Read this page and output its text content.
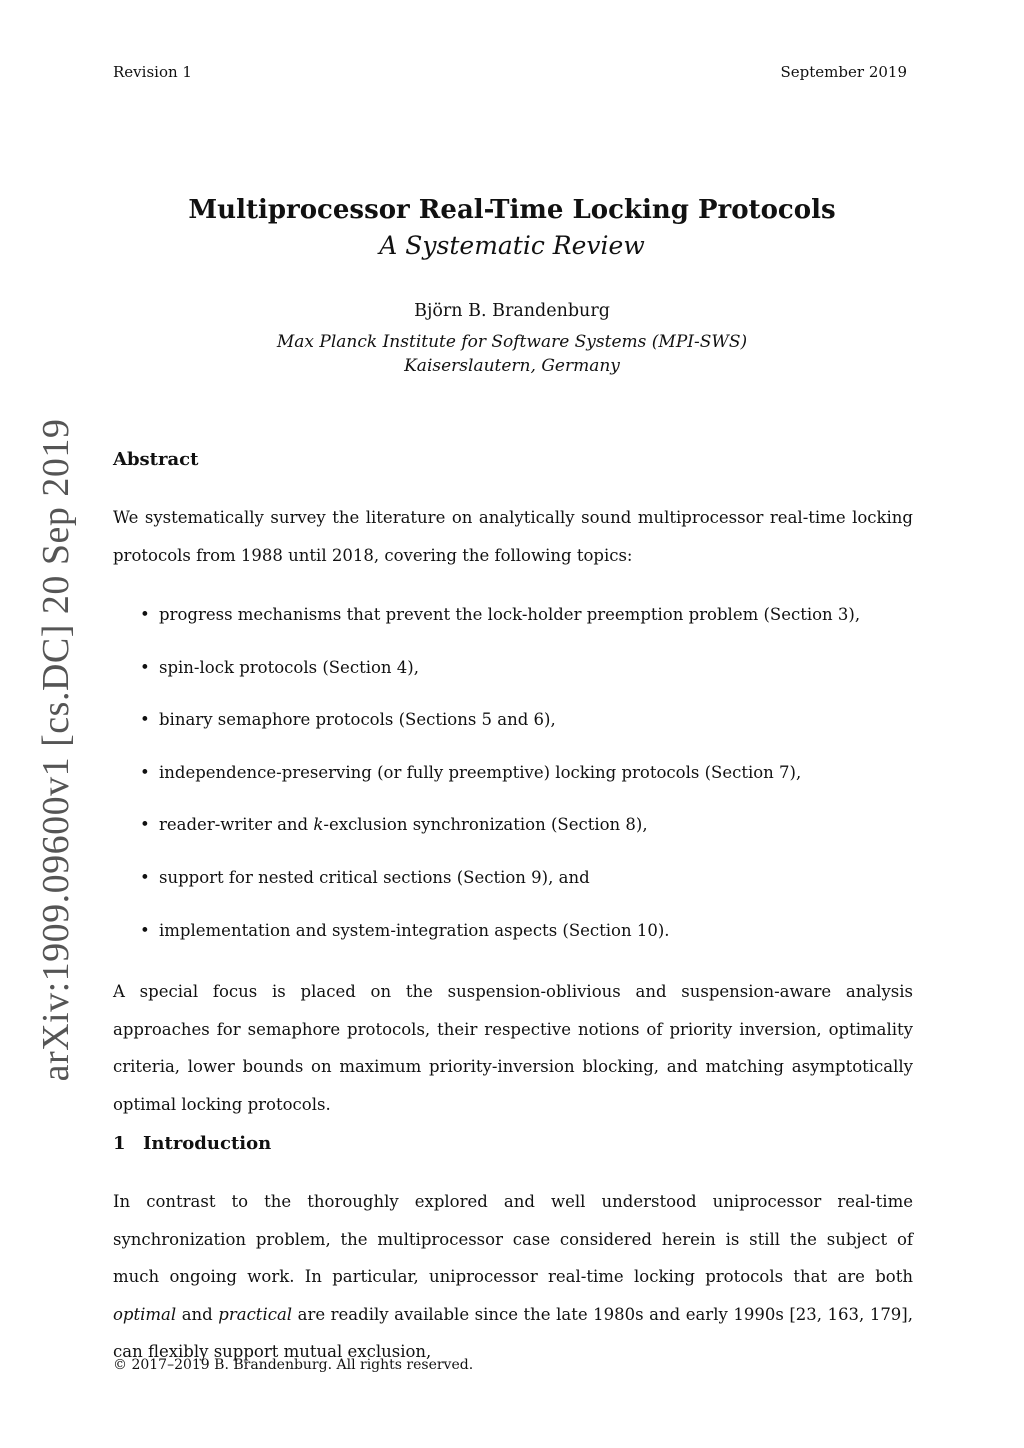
Revision 1	September 2019
arXiv:1909.09600v1 [cs.DC] 20 Sep 2019

Multiprocessor Real-Time Locking Protocols

A Systematic Review

Björn B. Brandenburg

Max Planck Institute for Software Systems (MPI-SWS)

Kaiserslautern, Germany

Abstract

We systematically survey the literature on analytically sound multiprocessor real-time locking protocols from 1988 until 2018, covering the following topics:

• progress mechanisms that prevent the lock-holder preemption problem (Section 3),
• spin-lock protocols (Section 4),
• binary semaphore protocols (Sections 5 and 6),
• independence-preserving (or fully preemptive) locking protocols (Section 7),
• reader-writer and k-exclusion synchronization (Section 8),
• support for nested critical sections (Section 9), and
• implementation and system-integration aspects (Section 10).

A special focus is placed on the suspension-oblivious and suspension-aware analysis approaches for semaphore protocols, their respective notions of priority inversion, optimality criteria, lower bounds on maximum priority-inversion blocking, and matching asymptotically optimal locking protocols.

1 Introduction

In contrast to the thoroughly explored and well understood uniprocessor real-time synchronization problem, the multiprocessor case considered herein is still the subject of much ongoing work. In particular, uniprocessor real-time locking protocols that are both optimal and practical are readily available since the late 1980s and early 1990s [23, 163, 179], can flexibly support mutual exclusion,

© 2017–2019 B. Brandenburg. All rights reserved.
